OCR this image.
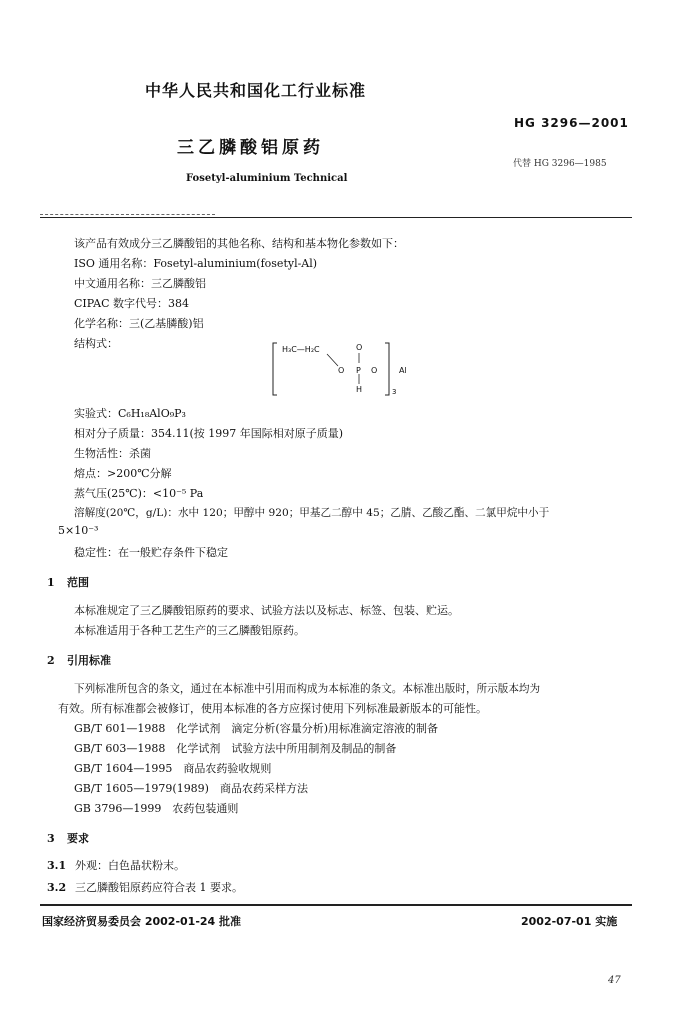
中华人民共和国化工行业标准
HG 3296—2001
三乙膦酸铝原药
代替 HG 3296—1985
Fosetyl-aluminium Technical
该产品有效成分三乙膦酸铝的其他名称、结构和基本物化参数如下：
ISO 通用名称：Fosetyl-aluminium(fosetyl-Al)
中文通用名称：三乙膦酸铝
CIPAC 数字代号：384
化学名称：三(乙基膦酸)铝
结构式：	H₃C—H₂C	O
O P O
H	3
Al
实验式：C₆H₁₈AlO₉P₃
相对分子质量：354.11(按 1997 年国际相对原子质量)
生物活性：杀菌
熔点：>200℃分解
蒸气压(25℃)：<10⁻⁵ Pa
溶解度(20℃，g/L)：水中 120；甲醇中 920；甲基乙二醇中 45；乙腈、乙酸乙酯、二氯甲烷中小于
5×10⁻³
稳定性：在一般贮存条件下稳定
1 范围
本标准规定了三乙膦酸铝原药的要求、试验方法以及标志、标签、包装、贮运。
本标准适用于各种工艺生产的三乙膦酸铝原药。
2 引用标准
下列标准所包含的条文，通过在本标准中引用而构成为本标准的条文。本标准出版时，所示版本均为
有效。所有标准都会被修订，使用本标准的各方应探讨使用下列标准最新版本的可能性。
GB/T 601—1988　化学试剂　滴定分析(容量分析)用标准滴定溶液的制备
GB/T 603—1988　化学试剂　试验方法中所用制剂及制品的制备
GB/T 1604—1995　商品农药验收规则
GB/T 1605—1979(1989)　商品农药采样方法
GB 3796—1999　农药包装通则
3 要求
3.1 外观：白色晶状粉末。
3.2 三乙膦酸铝原药应符合表 1 要求。
国家经济贸易委员会 2002-01-24 批准	2002-07-01 实施
47
